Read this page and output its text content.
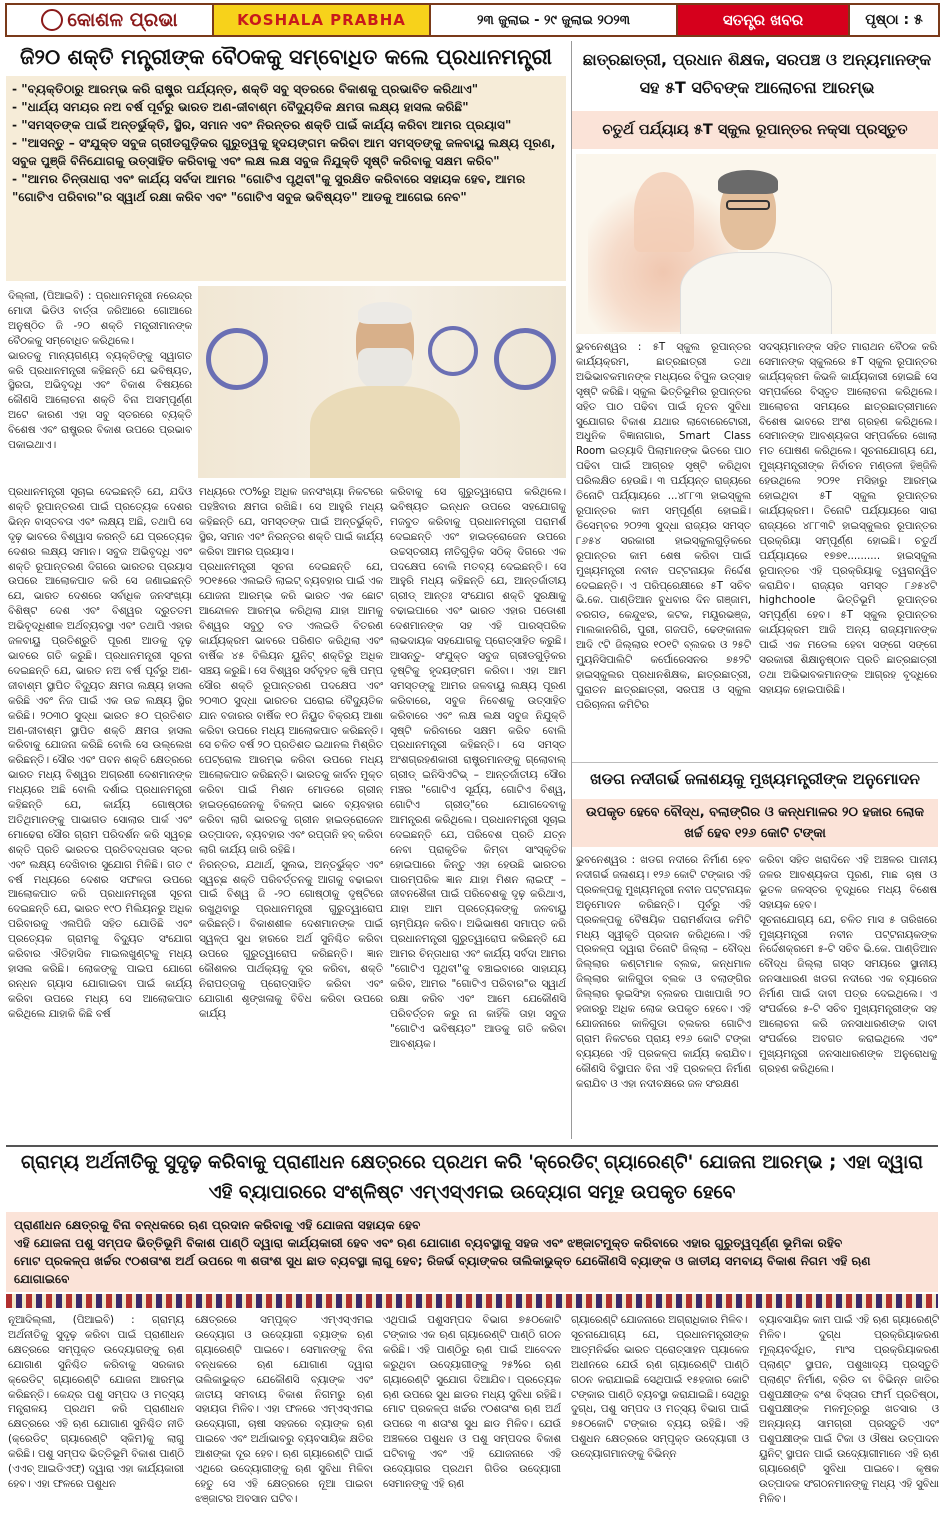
କୋଶଳ ପ୍ରଭା	KOSHALA PRABHA	୨୩ ଜୁଲାଇ - ୨୯ ଜୁଲାଇ ୨୦୨୩	ସତନ୍ତ୍ର ଖବର	ପୃଷ୍ଠା : ୫
ଜି୨୦ ଶକ୍ତି ମନ୍ତ୍ରୀଙ୍କ ବୈଠକକୁ ସମ୍ବୋଧିତ କଲେ ପ୍ରଧାନମନ୍ତ୍ରୀ

- "ବ୍ୟକ୍ତିଠାରୁ ଆରମ୍ଭ କରି ରାଷ୍ଟ୍ର ପର୍ଯ୍ୟନ୍ତ, ଶକ୍ତି ସବୁ ସ୍ତରରେ ବିକାଶକୁ ପ୍ରଭାବିତ କରିଥାଏ"

- "ଧାର୍ଯ୍ୟ ସମୟର ନଅ ବର୍ଷ ପୂର୍ବରୁ ଭାରତ ଅଣ-ଜୀବାଶ୍ମ ବୈଦ୍ୟୁତିକ କ୍ଷମତା ଲକ୍ଷ୍ୟ ହାସଲ କରିଛି"

- "ସମସ୍ତଙ୍କ ପାଇଁ ଅନ୍ତର୍ଭୁକ୍ତି, ସ୍ଥିର, ସମାନ ଏବଂ ନିରନ୍ତର ଶକ୍ତି ପାଇଁ କାର୍ଯ୍ୟ କରିବା ଆମର ପ୍ରୟାସ"

- "ଆସନ୍ତୁ – ସଂଯୁକ୍ତ ସବୁଜ ଗ୍ରୀଡଗୁଡ଼ିକର ଗୁରୁତ୍ୱକୁ ହୃଦୟଙ୍ଗମ କରିବା ଆମ ସମସ୍ତଙ୍କୁ ଜଳବାୟୁ ଲକ୍ଷ୍ୟ ପୂରଣ, ସବୁଜ ପୁଞ୍ଜି ବିନିଯୋଗକୁ ଉତ୍ସାହିତ କରିବାକୁ ଏବଂ ଲକ୍ଷ ଲକ୍ଷ ସବୁଜ ନିଯୁକ୍ତି ସୃଷ୍ଟି କରିବାକୁ ସକ୍ଷମ କରିବ"

- "ଆମର ଚିନ୍ତାଧାରା ଏବଂ କାର୍ଯ୍ୟ ସର୍ବଦା ଆମର "ଗୋଟିଏ ପୃଥିବୀ"କୁ ସୁରକ୍ଷିତ କରିବାରେ ସହାୟକ ହେବ, ଆମର "ଗୋଟିଏ ପରିବାର"ର ସ୍ୱାର୍ଥ ରକ୍ଷା କରିବ ଏବଂ "ଗୋଟିଏ ସବୁଜ ଭବିଷ୍ୟତ" ଆଡକୁ ଆଗେଇ ନେବ"

ଦିଲ୍ଲୀ, (ପିଆଇବି) : ପ୍ରଧାନମନ୍ତ୍ରୀ ନରେନ୍ଦ୍ର ମୋଦୀ ଭିଡିଓ ବାର୍ତ୍ତା ଜରିଆରେ ଗୋଆରେ ଅନୁଷ୍ଠିତ ଜି -୨୦ ଶକ୍ତି ମନ୍ତ୍ରୀମାନଙ୍କ ବୈଠକକୁ ସମ୍ବୋଧିତ କରିଥିଲେ।
ଭାରତକୁ ମାନ୍ୟଗଣ୍ୟ ବ୍ୟକ୍ତିଙ୍କୁ ସ୍ୱାଗତ କରି ପ୍ରଧାନମନ୍ତ୍ରୀ କହିଛନ୍ତି ଯେ ଭବିଷ୍ୟତ, ସ୍ଥିରତା, ଅଭିବୃଦ୍ଧି ଏବଂ ବିକାଶ ବିଷୟରେ କୌଣସି ଆଲୋଚନା ଶକ୍ତି ବିନା ଅସମ୍ପୂର୍ଣ୍ଣ ଅଟେ କାରଣ ଏହା ସବୁ ସ୍ତରରେ ବ୍ୟକ୍ତି ବିଶେଷ ଏବଂ ରାଷ୍ଟ୍ରର ବିକାଶ ଉପରେ ପ୍ରଭାବ ପକାଇଥାଏ।

ପ୍ରଧାନମନ୍ତ୍ରୀ ସୂଚାଇ ଦେଇଛନ୍ତି ଯେ, ଯଦିଓ ଶକ୍ତି ରୂପାନ୍ତରଣ ପାଇଁ ପ୍ରତ୍ୟେକ ଦେଶର ଭିନ୍ନ ବାସ୍ତବତା ଏବଂ ଲକ୍ଷ୍ୟ ଅଛି, ତଥାପି ସେ ଦୃଢ଼ ଭାବରେ ବିଶ୍ୱାସ କରନ୍ତି ଯେ ପ୍ରତ୍ୟେକ ଦେଶର ଲକ୍ଷ୍ୟ ସମାନ। ସବୁଜ ଅଭିବୃଦ୍ଧି ଏବଂ ଶକ୍ତି ରୂପାନ୍ତରଣ ଦିଗରେ ଭାରତର ପ୍ରୟାସ ଉପରେ ଆଲୋକପାତ କରି ସେ ଜଣାଇଛନ୍ତି ଯେ, ଭାରତ ଦେଶରେ ସର୍ବାଧିକ ଜନସଂଖ୍ୟା ବିଶିଷ୍ଟ ଦେଶ ଏବଂ ବିଶ୍ୱର ଦ୍ରୁତତମ ଅଭିବୃଦ୍ଧିଶୀଳ ଅର୍ଥବ୍ୟବସ୍ଥା ଏବଂ ତଥାପି ଏହାର ଜଳବାୟୁ ପ୍ରତିଶ୍ରୁତି ପୂରଣ ଆଡକୁ ଦୃଢ଼ ଭାବରେ ଗତି କରୁଛି। ପ୍ରଧାନମନ୍ତ୍ରୀ ସୂଚନା ଦେଇଛନ୍ତି ଯେ, ଭାରତ ନଅ ବର୍ଷ ପୂର୍ବରୁ ଅଣ-ଜୀବାଶ୍ମ ସ୍ଥାପିତ ବିଦ୍ୟୁତ କ୍ଷମତା ଲକ୍ଷ୍ୟ ହାସଲ କରିଛି ଏବଂ ନିଜ ପାଇଁ ଏକ ଉଚ୍ଚ ଲକ୍ଷ୍ୟ ସ୍ଥିର କରିଛି। ୨୦୩୦ ସୁଦ୍ଧା ଭାରତ ୫୦ ପ୍ରତିଶତ ଅଣ-ଜୀବାଶ୍ମ ସ୍ଥାପିତ ଶକ୍ତି କ୍ଷମତା ହାସଲ କରିବାକୁ ଯୋଜନା କରିଛି ବୋଲି ସେ ଉଲ୍ଲେଖ କରିଛନ୍ତି। ସୌର ଏବଂ ପବନ ଶକ୍ତି କ୍ଷେତ୍ରରେ ଭାରତ ମଧ୍ୟ ବିଶ୍ୱର ଅଗ୍ରଣୀ ଦେଶମାନଙ୍କ ମଧ୍ୟରେ ଅଛି ବୋଲି ଦର୍ଶାଇ ପ୍ରଧାନମନ୍ତ୍ରୀ କହିଛନ୍ତି ଯେ, କାର୍ଯ୍ୟ ଗୋଷ୍ଠୀର ଅତିଥିମାନଙ୍କୁ ପାଭାଗଡ ସୋଲାର ପାର୍କ ଏବଂ ମୋଢେରା ସୌର ଗ୍ରାମ ପରିଦର୍ଶନ କରି ସ୍ୱଚ୍ଛ ଶକ୍ତି ପ୍ରତି ଭାରତର ପ୍ରତିବଦ୍ଧତାର ସ୍ତର ଏବଂ ଲକ୍ଷ୍ୟ ଦେଖିବାର ସୁଯୋଗ ମିଳିଛି। ଗତ ୯ ବର୍ଷ ମଧ୍ୟରେ ଦେଶର ସଫଳତା ଉପରେ ଆଲୋକପାତ କରି ପ୍ରଧାନମନ୍ତ୍ରୀ ସୂଚନା ଦେଇଛନ୍ତି ଯେ, ଭାରତ ୧୯୦ ମିଲିୟନରୁ ଅଧିକ ପରିବାରକୁ ଏଲପିଜି ସହିତ ଯୋଡିଛି ଏବଂ ପ୍ରତ୍ୟେକ ଗ୍ରାମକୁ ବିଦ୍ୟୁତ ସଂଯୋଗ କରିବାର ଐତିହାସିକ ମାଇଲଖୁଣ୍ଟକୁ ମଧ୍ୟ ହାସଲ କରିଛି। ଲୋକଙ୍କୁ ପାଇପ ଯୋଗେ ରନ୍ଧନ ଗ୍ୟାସ ଯୋଗାଇବା ପାଇଁ କାର୍ଯ୍ୟ କରିବା ଉପରେ ମଧ୍ୟ ସେ ଆଲୋକପାତ କରିଥିଲେ ଯାହାକି କିଛି ବର୍ଷ

ମଧ୍ୟରେ ୯୦%ରୁ ଅଧିକ ଜନସଂଖ୍ୟା ନିକଟରେ ପହଞ୍ଚିବାର କ୍ଷମତା ରଖିଛି। ସେ ଆହୁରି ମଧ୍ୟ କହିଛନ୍ତି ଯେ, ସମସ୍ତଙ୍କ ପାଇଁ ଅନ୍ତର୍ଭୁକ୍ତି, ସ୍ଥିର, ସମାନ ଏବଂ ନିରନ୍ତର ଶକ୍ତି ପାଇଁ କାର୍ଯ୍ୟ କରିବା ଆମର ପ୍ରୟାସ।
ପ୍ରଧାନମନ୍ତ୍ରୀ ସୂଚନା ଦେଇଛନ୍ତି ଯେ, ୨୦୧୫ରେ ଏଲଇଡି ଲାଇଟ୍ ବ୍ୟବହାର ପାଇଁ ଏକ ଯୋଜନା ଆରମ୍ଭ କରି ଭାରତ ଏକ ଛୋଟ ଆନ୍ଦୋଳନ ଆରମ୍ଭ କରିଥିଲା ଯାହା ଆମକୁ ବିଶ୍ୱର ସବୁଠୁ ବଡ ଏଲଇଡି ବିତରଣ କାର୍ଯ୍ୟକ୍ରମ ଭାବରେ ପରିଣତ କରିଥିଲା ଏବଂ ବାର୍ଷିକ ୪୫ ବିଲିୟନ ୟୁନିଟ୍ ଶକ୍ତିରୁ ଅଧିକ ସଞ୍ଚୟ କରୁଛି। ସେ ବିଶ୍ୱର ସର୍ବବୃହତ କୃଷି ପମ୍ପ ସୌର ଶକ୍ତି ରୂପାନ୍ତରଣ ପଦକ୍ଷେପ ଏବଂ ୨୦୩୦ ସୁଦ୍ଧା ଭାରତର ଘରୋଇ ବୈଦ୍ୟୁତିକ ଯାନ ବଜାରର ବାର୍ଷିକ ୧୦ ନିୟୁତ ବିକ୍ରୟ ଆଶା କରିବା ଉପରେ ମଧ୍ୟ ଆଲୋକପାତ କରିଛନ୍ତି। ସେ ଚଳିତ ବର୍ଷ ୨୦ ପ୍ରତିଶତ ଇଥାନଲ ମିଶ୍ରିତ ପେଟ୍ରୋଲ ଆରମ୍ଭ କରିବା ଉପରେ ମଧ୍ୟ ଆଲୋକପାତ କରିଛନ୍ତି। ଭାରତକୁ କାର୍ବନ ମୁକ୍ତ କରିବା ପାଇଁ ମିଶନ ମୋଡରେ ଗ୍ରୀନ୍ ହାଇଡ୍ରୋଜେନକୁ ବିକଳ୍ପ ଭାବେ ବ୍ୟବହାର କରିବା ଲାଗି ଭାରତକୁ ଗ୍ରୀନ ହାଇଡ୍ରୋଜେନ ଉତ୍ପାଦନ, ବ୍ୟବହାର ଏବଂ ରପ୍ତାନି ହବ୍ କରିବା ଲାଗି କାର୍ଯ୍ୟ ଜାରି ରହିଛି।
ନିରନ୍ତର, ଯଥାର୍ଥ, ସୁଲଭ, ଅନ୍ତର୍ଭୁକ୍ତ ଏବଂ ସ୍ୱଚ୍ଛ ଶକ୍ତି ପରିବର୍ତ୍ତନକୁ ଆଗକୁ ବଢାଇବା ପାଇଁ ବିଶ୍ୱ ଜି -୨୦ ଗୋଷ୍ଠୀକୁ ଦୃଷ୍ଟିରେ ରଖୁଥିବାରୁ ପ୍ରଧାନମନ୍ତ୍ରୀ ଗୁରୁତ୍ୱାରୋପ କରିଛନ୍ତି। ବିକାଶଶୀଳ ଦେଶମାନଙ୍କ ପାଇଁ ସ୍ୱଳ୍ପ ସୁଧ ହାରରେ ଅର୍ଥ ସୁନିଶ୍ଚିତ କରିବା ଉପରେ ଗୁରୁତ୍ୱାରୋପ କରିଛନ୍ତି। ଜ୍ଞାନ କୌଶଳର ପାର୍ଥକ୍ୟକୁ ଦୂର କରିବା, ଶକ୍ତି ନିରାପତ୍ତାକୁ ପ୍ରୋତ୍ସାହିତ କରିବା ଏବଂ ଯୋଗାଣ ଶୃଙ୍ଖଳାକୁ ବିବିଧ କରିବା ଉପରେ କାର୍ଯ୍ୟ

କରିବାକୁ ସେ ଗୁରୁତ୍ୱାରୋପ କରିଥିଲେ। ଭବିଷ୍ୟତ ଇନ୍ଧନ ଉପରେ ସହଯୋଗକୁ ମଜବୁତ କରିବାକୁ ପ୍ରଧାନମନ୍ତ୍ରୀ ପରାମର୍ଶ ଦେଇଛନ୍ତି ଏବଂ ହାଇଡ୍ରୋଜେନ ଉପରେ ଉଚ୍ଚସ୍ତରୀୟ ନୀତିଗୁଡ଼ିକ ସଠିକ୍ ଦିଗରେ ଏକ ପଦକ୍ଷେପ ବୋଲି ମତବ୍ୟ ଦେଇଛନ୍ତି। ସେ ଆହୁରି ମଧ୍ୟ କହିଛନ୍ତି ଯେ, ଆନ୍ତର୍ଜାତୀୟ ଗ୍ରୀଡ୍ ଆନ୍ତଃ ସଂଯୋଗ ଶକ୍ତି ସୁରକ୍ଷାକୁ ବଢାଇପାରେ ଏବଂ ଭାରତ ଏହାର ପଡୋଶୀ ଦେଶମାନଙ୍କ ସହ ଏହି ପାରସ୍ପରିକ ଲାଭଦାୟକ ସହଯୋଗକୁ ପ୍ରୋତ୍ସାହିତ କରୁଛି। ଆସନ୍ତୁ- ସଂଯୁକ୍ତ ସବୁଜ ଗ୍ରୀଡଗୁଡ଼ିକର ଦୃଷ୍ଟିକୁ ହୃଦୟଙ୍ଗମ କରିବା। ଏହା ଆମ ସମସ୍ତଙ୍କୁ ଆମର ଜଳବାୟୁ ଲକ୍ଷ୍ୟ ପୂରଣ କରିବାରେ, ସବୁଜ ନିବେଶକୁ ଉତ୍ସାହିତ କରିବାରେ ଏବଂ ଲକ୍ଷ ଲକ୍ଷ ସବୁଜ ନିଯୁକ୍ତି ସୃଷ୍ଟି କରିବାରେ ସକ୍ଷମ କରିବ ବୋଲି ପ୍ରଧାନମନ୍ତ୍ରୀ କହିଛନ୍ତି। ସେ ସମସ୍ତ ଅଂଶଗ୍ରହଣକାରୀ ରାଷ୍ଟ୍ରମାନଙ୍କୁ ଗ୍ଲୋବାଲ୍ ଗ୍ରୀଡ୍ ଇନିସିଏଟିଭ୍ – ଆନ୍ତର୍ଜାତୀୟ ସୌର ମଞ୍ଚର "ଗୋଟିଏ ସୂର୍ଯ୍ୟ, ଗୋଟିଏ ବିଶ୍ୱ, ଗୋଟିଏ ଗ୍ରୀଡ୍"ରେ ଯୋଗଦେବାକୁ ଆମନ୍ତ୍ରଣ କରିଥିଲେ। ପ୍ରଧାନମନ୍ତ୍ରୀ ସୂଚାଇ ଦେଇଛନ୍ତି ଯେ, ପରିବେଶ ପ୍ରତି ଯତ୍ନ ନେବା ପ୍ରାକୃତିକ କିମ୍ବା ସାଂସ୍କୃତିକ ହୋଇପାରେ କିନ୍ତୁ ଏହା ହେଉଛି ଭାରତର ପାରମ୍ପରିକ ଜ୍ଞାନ ଯାହା ମିଶନ ଲାଇଫ୍ – ଜୀବନଶୈଳୀ ପାଇଁ ପରିବେଶକୁ ଦୃଢ଼ କରିଥାଏ, ଯାହା ଆମ ପ୍ରତ୍ୟେକଙ୍କୁ ଜଳବାୟୁ ଚାମ୍ପିୟନ କରିବ। ଅଭିଭାଷଣ ସମାପ୍ତ କରି ପ୍ରଧାନମନ୍ତ୍ରୀ ଗୁରୁତ୍ୱାରୋପ କରିଛନ୍ତି ଯେ ଆମର ଚିନ୍ତାଧାରା ଏବଂ କାର୍ଯ୍ୟ ସର୍ବଦା ଆମର "ଗୋଟିଏ ପୃଥିବୀ"କୁ ବଞ୍ଚାଇବାରେ ସାହାଯ୍ୟ କରିବ, ଆମର "ଗୋଟିଏ ପରିବାର"ର ସ୍ୱାର୍ଥ ରକ୍ଷା କରିବ ଏବଂ ଆମେ ଯେକୌଣସି ପରିବର୍ତ୍ତନ କରୁ ନା କାହିଁକି ତାହା ସବୁଜ "ଗୋଟିଏ ଭବିଷ୍ୟତ" ଆଡକୁ ଗତି କରିବା ଆବଶ୍ୟକ।

ଛାତ୍ରଛାତ୍ରୀ, ପ୍ରଧାନ ଶିକ୍ଷକ, ସରପଞ୍ଚ ଓ ଅନ୍ୟମାନଙ୍କ ସହ ୫T ସଚିବଙ୍କ ଆଲୋଚନା ଆରମ୍ଭ
ଚତୁର୍ଥ ପର୍ଯ୍ୟାୟ ୫T ସ୍କୁଲ ରୂପାନ୍ତର ନକ୍ସା ପ୍ରସ୍ତୁତ

ଭୁବନେଶ୍ୱର : ୫T ସ୍କୁଲ ରୂପାନ୍ତର କାର୍ଯ୍ୟକ୍ରମ, ଛାତ୍ରଛାତ୍ରୀ ତଥା ଅଭିଭାବକମାନଙ୍କ ମଧ୍ୟରେ ବିପୁଳ ଉତ୍ସାହ ସୃଷ୍ଟି କରିଛି। ସ୍କୁଲ ଭିତ୍ତିଭୂମିର ରୂପାନ୍ତର ସହିତ ପାଠ ପଢିବା ପାଇଁ ନୂତନ ସୁବିଧା ସୁଯୋଗର ବିକାଶ ଯଥାର ଲାବୋରେଟୋରୀ, ଅଧୁନିକ ବିଜ୍ଞାନାଗାର, Smart Class Room ଇତ୍ୟାଦି ପିଲାମାନଙ୍କ ଭିତରେ ପାଠ ପଢିବା ପାଇଁ ଆଗ୍ରହ ସୃଷ୍ଟି କରିଥିବା ପରିଲକ୍ଷିତ ହେଉଛି। ୩ ପର୍ଯ୍ୟନ୍ତ ରାଜ୍ୟରେ ତିନୋଟି ପର୍ଯ୍ୟାୟରେ ...୪୮୮୩ ହାଇସ୍କୁଲ ରୂପାନ୍ତର କାମ ସମ୍ପୂର୍ଣ୍ଣ ହୋଇଛି। ଡିସେମ୍ବର ୨୦୨୩ ସୁଦ୍ଧା ରାଜ୍ୟର ସମସ୍ତ ୮୬୫୪ ସରକାରୀ ହାଇସ୍କୁଲଗୁଡ଼ିକରେ ରୂପାନ୍ତର କାମ ଶେଷ କରିବା ପାଇଁ ମୁଖ୍ୟମନ୍ତ୍ରୀ ନବୀନ ପଟ୍ଟନାୟକ ନିର୍ଦ୍ଦେଶ ଦେଇଛନ୍ତି। ଏ ପରିପ୍ରେକ୍ଷୀରେ ୫T ସଚିବ ଭି.କେ. ପାଣ୍ଡିଆନ ବୁଧବାର ଦିନ ଗଞ୍ଜାମ, ବରଗଡ, କେନ୍ଦୁଝର, କଟକ, ମୟୂରଭଞ୍ଜ, ମାଲକାନଗିରି, ପୁରୀ, ଗଜପତି, ଢେଙ୍କାନାଳ ଆଦି ୯ଟି ଜିଲ୍ଲାର ୧୦୧ଟି ବ୍ଲକର ଓ ୨୫ଟି ମ୍ୟୁନିସିପାଲିଟି କର୍ପୋରେସନର ୭୫୨ଟି ହାଇସ୍କୁଲର ପ୍ରଧାନଶିକ୍ଷକ, ଛାତ୍ରଛାତ୍ରୀ, ପୁରାତନ ଛାତ୍ରଛାତ୍ରୀ, ସରପଞ୍ଚ ଓ ସ୍କୁଲ ପରିଚାଳନା କମିଟିର

ସଦସ୍ୟମାନଙ୍କ ସହିତ ମାରାଥନ ବୈଠକ କରି ସେମାନଙ୍କ ସ୍କୁଲରେ ୫T ସ୍କୁଲ ରୂପାନ୍ତର କାର୍ଯ୍ୟକ୍ରମ କିଭଳି କାର୍ଯ୍ୟକାରୀ ହୋଇଛି ସେ ସମ୍ପର୍କରେ ବିସ୍ତୃତ ଆଲୋଚନା କରିଥିଲେ। ଆଲୋଚନା ସମୟରେ ଛାତ୍ରଛାତ୍ରୀମାନେ ବିଶେଷ ଭାବରେ ଅଂଶ ଗ୍ରହଣ କରିଥିଲେ। ସେମାନଙ୍କ ଆବଶ୍ୟକତା ସମ୍ପର୍କରେ ଖୋଲା ମତ ପୋଷଣ କରିଥିଲେ। ସୂଚନାଯୋଗ୍ୟ ଯେ, ମୁଖ୍ୟମନ୍ତ୍ରୀଙ୍କ ନିର୍ବାଚନ ମଣ୍ଡଳୀ ହିଞ୍ଜିଳି ହେଉଥିଲେ ୨୦୨୧ ମସିହାରୁ ଆରମ୍ଭ ହୋଇଥିବା ୫T ସ୍କୁଲ ରୂପାନ୍ତର କାର୍ଯ୍ୟକ୍ରମ। ତିନୋଟି ପର୍ଯ୍ୟାୟରେ ସାରା ରାଜ୍ୟରେ ୪୮୮୩ଟି ହାଇସ୍କୁଲର ରୂପାନ୍ତର ପ୍ରକ୍ରିୟା ସମ୍ପୂର୍ଣ୍ଣ ହୋଇଛି। ଚତୁର୍ଥ ପର୍ଯ୍ୟାୟରେ ୧୭୭୧.......... ହାଇସ୍କୁଲ ରୂପାନ୍ତର ଏହି ପ୍ରକ୍ରିୟାକୁ ତ୍ୱରାନ୍ୱିତ କରାଯିବ। ରାଜ୍ୟର ସମସ୍ତ ୮୬୫୪ଟି highchoole ଭିତ୍ତିଭୂମି ରୂପାନ୍ତର ସମ୍ପୂର୍ଣ୍ଣ ହେବ। ୫T ସ୍କୁଲ ରୂପାନ୍ତର କାର୍ଯ୍ୟକ୍ରମ ଆଜି ଅନ୍ୟ ରାଜ୍ୟମାନଙ୍କ ପାଇଁ ଏକ ମଡେଲ ହେବା ସଙ୍ଗେ ସଙ୍ଗେ ସରକାରୀ ଶିକ୍ଷାନୁଷ୍ଠାନ ପ୍ରତି ଛାତ୍ରଛାତ୍ରୀ ତଥା ଅଭିଭାବକମାନଙ୍କ ଆଗ୍ରହ ବୃଦ୍ଧିରେ ସହାୟକ ହୋଇପାରିଛି।

ଖଡଗ ନଦୀଗର୍ଭ ଜଳାଶୟକୁ ମୁଖ୍ୟମନ୍ତ୍ରୀଙ୍କ ଅନୁମୋଦନ
ଉପକୃତ ହେବେ ବୌଦ୍ଧ, ବଲାଙ୍ଗିର ଓ କନ୍ଧମାଳର ୨୦ ହଜାର ଲୋକ ଖର୍ଚ୍ଚ ହେବ ୧୨୬ କୋଟି ଟଙ୍କା

ଭୁବନେଶ୍ୱର : ଖଡଗ ନଦୀରେ ନିର୍ମାଣ ହେବ ନଦୀଗର୍ଭ ଜଳାଶୟ। ୧୨୬ କୋଟି ଟଙ୍କାର ଏହି ପ୍ରକଳ୍ପକୁ ମୁଖ୍ୟମନ୍ତ୍ରୀ ନବୀନ ପଟ୍ଟନାୟକ ଅନୁମୋଦନ କରିଛନ୍ତି। ପୂର୍ବରୁ ଏହି ପ୍ରକଳ୍ପକୁ ବୈଷୟିକ ପରାମର୍ଶଦାତା କମିଟି ମଧ୍ୟ ସ୍ୱୀକୃତି ପ୍ରଦାନ କରିଥିଲେ। ଏହି ପ୍ରକଳ୍ପ ଦ୍ୱାରା ତିନୋଟି ଜିଲ୍ଲା – ବୌଦ୍ଧ ଜିଲ୍ଲାର କଣ୍ଟାମାଳ ବ୍ଲକ, କନ୍ଧମାଳ ଜିଲ୍ଲାର କାଳିଗୁଡା ବ୍ଲକ ଓ ବଲାଙ୍ଗିର ଜିଲ୍ଲାର ଲୁଇସିଂହା ବ୍ଲକର ପାଖାପାଖି ୨୦ ହଜାରରୁ ଅଧିକ ଲୋକ ଉପକୃତ ହେବେ। ଏହି ଯୋଜନାରେ କାଳିଗୁଡା ବ୍ଲକର ଗୋଟିଏ ଗ୍ରାମ ନିକଟରେ ପ୍ରାୟ ୧୨୬ କୋଟି ଟଙ୍କା ବ୍ୟୟରେ ଏହି ପ୍ରକଳ୍ପ କାର୍ଯ୍ୟ କରାଯିବ। କୌଣସି ବିସ୍ଥାପନ ବିନା ଏହି ପ୍ରକଳ୍ପ ନିର୍ମାଣ କରାଯିବ ଓ ଏହା ନଦୀବକ୍ଷରେ ଜଳ ସଂରକ୍ଷଣ

କରିବା ସହିତ ଖରାଦିନେ ଏହି ଅଞ୍ଚଳର ପାନୀୟ ଜଳର ଆବଶ୍ୟକତା ପୂରଣ, ମାଛ ଚାଷ ଓ ଭୂତଳ ଜଳସ୍ତର ବୃଦ୍ଧିରେ ମଧ୍ୟ ବିଶେଷ ସହାୟକ ହେବ।
ସୂଚନାଯୋଗ୍ୟ ଯେ, ଚଳିତ ମାସ ୫ ତାରିଖରେ ମୁଖ୍ୟମନ୍ତ୍ରୀ ନବୀନ ପଟ୍ଟନାୟକଙ୍କ ନିର୍ଦ୍ଦେଶକ୍ରମେ ୫-ଟି ସଚିବ ଭି.କେ. ପାଣ୍ଡିଆନ ବୌଦ୍ଧ ଜିଲ୍ଲା ଗସ୍ତ ସମୟରେ ସ୍ଥାନୀୟ ଜନସାଧାରଣ ଖଡଗ ନଦୀରେ ଏକ ବ୍ୟାରେଜ ନିର୍ମାଣ ପାଇଁ ଦାବୀ ପତ୍ର ଦେଇଥିଲେ। ଏ ସଂପର୍କରେ ୫-ଟି ସଚିବ ମୁଖ୍ୟମନ୍ତ୍ରୀଙ୍କ ସହ ଆଲୋଚନା କରି ଜନସାଧାରଣଙ୍କ ଦାବୀ ସଂପର୍କରେ ଅବଗତ କରାଇଥିଲେ ଏବଂ ମୁଖ୍ୟମନ୍ତ୍ରୀ ଜନସାଧାରଣଙ୍କ ଅନୁରୋଧକୁ ଗ୍ରହଣ କରିଥିଲେ।

ଗ୍ରାମ୍ୟ ଅର୍ଥନୀତିକୁ ସୁଦୃଢ଼ କରିବାକୁ ପ୍ରାଣୀଧନ କ୍ଷେତ୍ରରେ ପ୍ରଥମ କରି 'କ୍ରେଡିଟ୍ ଗ୍ୟାରେଣ୍ଟି' ଯୋଜନା ଆରମ୍ଭ ; ଏହା ଦ୍ୱାରା ଏହି ବ୍ୟାପାରରେ ସଂଶ୍ଳିଷ୍ଟ ଏମ୍ଏସ୍ଏମଇ ଉଦ୍ୟୋଗ ସମୂହ ଉପକୃତ ହେବେ

ପ୍ରାଣୀଧନ କ୍ଷେତ୍ରକୁ ବିନା ବନ୍ଧକରେ ଋଣ ପ୍ରଦାନ କରିବାକୁ ଏହି ଯୋଜନା ସହାୟକ ହେବ
ଏହି ଯୋଜନା ପଶୁ ସମ୍ପଦ ଭିତ୍ତିଭୂମି ବିକାଶ ପାଣ୍ଠି ଦ୍ୱାରା କାର୍ଯ୍ୟକାରୀ ହେବ ଏବଂ ଋଣ ଯୋଗାଣ ବ୍ୟବସ୍ଥାକୁ ସହଜ ଏବଂ ଝଞ୍ଜାଟମୁକ୍ତ କରିବାରେ ଏହାର ଗୁରୁତ୍ୱପୂର୍ଣ୍ଣ ଭୂମିକା ରହିବ
ମୋଟ ପ୍ରକଳ୍ପ ଖର୍ଚ୍ଚର ୯୦ଶତାଂଶ ଅର୍ଥ ଉପରେ ୩ ଶତାଂଶ ସୁଧ ଛାଡ ବ୍ୟବସ୍ଥା ଲାଗୁ ହେବ; ରିଜର୍ଭ ବ୍ୟାଙ୍କର ତାଲିକାଭୁକ୍ତ ଯେକୌଣସି ବ୍ୟାଙ୍କ ଓ ଜାତୀୟ ସମବାୟ ବିକାଶ ନିଗମ ଏହି ଋଣ ଯୋଗାଇବେ

ନୂଆଦିଲ୍ଲୀ, (ପିଆଇବି) : ଗ୍ରାମ୍ୟ ଅର୍ଥନୀତିକୁ ସୁଦୃଢ଼ କରିବା ପାଇଁ ପ୍ରାଣୀଧନ କ୍ଷେତ୍ରରେ ସମ୍ପୃକ୍ତ ଉଦ୍ୟୋଗଙ୍କୁ ଋଣ ଯୋଗାଣ ସୁନିଶ୍ଚିତ କରିବାକୁ ସରକାର କ୍ରେଡିଟ୍ ଗ୍ୟାରେଣ୍ଟି ଯୋଜନା ଆରମ୍ଭ କରିଛନ୍ତି। କେନ୍ଦ୍ର ପଶୁ ସମ୍ପଦ ଓ ମତ୍ସ୍ୟ ମନ୍ତ୍ରାଳୟ ପ୍ରଥମ କରି ପ୍ରାଣୀଧନ କ୍ଷେତ୍ରରେ ଏହି ଋଣ ଯୋଗାଣ ସୁନିଶ୍ଚିତ ନୀତି (କ୍ରେଡିଟ୍ ଗ୍ୟାରେଣ୍ଟି ସ୍କିମ)କୁ ଲାଗୁ କରିଛି। ପଶୁ ସମ୍ପଦ ଭିତ୍ତିଭୂମି ବିକାଶ ପାଣ୍ଠି (ଏଏଚ୍ ଆଇଡିଏଫ୍) ଦ୍ୱାରା ଏହା କାର୍ଯ୍ୟକାରୀ ହେବ। ଏହା ଫଳରେ ପଶୁଧନ

କ୍ଷେତ୍ରରେ ସମ୍ପୃକ୍ତ ଏମ୍ଏସ୍ଏମଇ ଉଦ୍ୟୋଗ ଓ ଉଦ୍ୟୋଗୀ ବ୍ୟାଙ୍କ ଋଣ ଗ୍ୟାରେଣ୍ଟି ପାଇବେ। ସେମାନଙ୍କୁ ବିନା ବନ୍ଧକରେ ଋଣ ଯୋଗାଣ ଦ୍ୱାରା ତାଲିକାଭୁକ୍ତ ଯେକୌଣସି ବ୍ୟାଙ୍କ ଏବଂ ଜାତୀୟ ସମବାୟ ବିକାଶ ନିଗମରୁ ଋଣ ସହାୟତା ମିଳିବ। ଏହା ଫଳରେ ଏମ୍ଏସ୍ଏମଇ ଉଦ୍ୟୋଗୀ, ଚାଷୀ ସହଜରେ ବ୍ୟାଙ୍କ ଋଣ ପାଇବେ ଏବଂ ଅର୍ଥାଭାବରୁ ବ୍ୟବସାୟିକ କ୍ଷତିର ଆଶଙ୍କା ଦୂର ହେବ। ଋଣ ଗ୍ୟାରେଣ୍ଟି ପାଇଁ ଏଥିରେ ଉଦ୍ୟୋଗୀଙ୍କୁ ଋଣ ସୁବିଧା ମିଳିବା ହେତୁ ସେ ଏହି କ୍ଷେତ୍ରରେ ନୂଆ ପାଇବା ଝଞ୍ଜାଟର ଅବସାନ ଘଟିବ।

ଏଥିପାଇଁ ପଶୁସମ୍ପଦ ବିଭାଗ ୭୫୦କୋଟି ଟଙ୍କାର ଏକ ଋଣ ଗ୍ୟାରେଣ୍ଟି ପାଣ୍ଠି ଗଠନ କରିଛି। ଏହି ପାଣ୍ଠିରୁ ଋଣ ପାଇଁ ଆବେଦନ କରୁଥିବା ଉଦ୍ୟୋଗୀଙ୍କୁ ୨୫%ର ଋଣ ଗ୍ୟାରେଣ୍ଟି ସୁଯୋଗ ଦିଆଯିବ। ପ୍ରତ୍ୟେକ ଋଣ ଉପରେ ସୁଧ ଛାଡର ମଧ୍ୟ ସୁବିଧା ରହିଛି। ମୋଟ ପ୍ରକଳ୍ପ ଖର୍ଚ୍ଚର ୯୦ଶତାଂଶ ଋଣ ଅର୍ଥ ଉପରେ ୩ ଶତାଂଶ ସୁଧ ଛାଡ ମିଳିବ। ଯେଉଁ ଅଞ୍ଚଳରେ ପଶୁଧନ ଓ ପଶୁ ସମ୍ପଦର ବିକାଶ ଘଟିବାକୁ ଏବଂ ଏହି ଯୋଜନାରେ ଏହି ଉଦ୍ୟୋଗର ପ୍ରଥମ ଗିଡିର ଉଦ୍ୟୋଗୀ ସେମାନଙ୍କୁ ଏହି ଋଣ

ଗ୍ୟାରେଣ୍ଟି ଯୋଜନାରେ ଅଗ୍ରାଧିକାର ମିଳିବ।
ସୂଚନାଯୋଗ୍ୟ ଯେ, ପ୍ରଧାନମନ୍ତ୍ରୀଙ୍କ ଆତ୍ମନିର୍ଭର ଭାରତ ପ୍ରୋତ୍ସାହନ ପ୍ୟାକେଜ ଅଧୀନରେ ଯେଉଁ ଋଣ ଗ୍ୟାରେଣ୍ଟି ପାଣ୍ଠି ଗଠନ କରାଯାଇଛି ସେଥିପାଇଁ ୧୫ହଜାର କୋଟି ଟଙ୍କାର ପାଣ୍ଠି ବ୍ୟବସ୍ଥା କରାଯାଇଛି। ସେଥିରୁ ଦୁଗ୍ଧ, ପଶୁ ସମ୍ପଦ ଓ ମତ୍ସ୍ୟ ବିଭାଗ ପାଇଁ ୭୫୦କୋଟି ଟଙ୍କାର ବ୍ୟୟ ରହିଛି। ଏହି ପଶୁଧନ କ୍ଷେତ୍ରରେ ସମ୍ପୃକ୍ତ ଉଦ୍ୟୋଗୀ ଓ ଉଦ୍ୟୋଗମାନଙ୍କୁ ବିଭିନ୍ନ

ବ୍ୟାବସାୟିକ କାମ ପାଇଁ ଏହି ଋଣ ଗ୍ୟାରେଣ୍ଟି ମିଳିବ। ଦୁଗ୍ଧ ପ୍ରକ୍ରିୟାକରଣ ମୂଲ୍ୟବର୍ଦ୍ଧିତ, ମାଂସ ପ୍ରକ୍ରିୟାକରଣ ପ୍ଲାଣ୍ଟ ସ୍ଥାପନ, ପଶୁଖାଦ୍ୟ ପ୍ରସ୍ତୁତି ପ୍ଲାଣ୍ଟ ନିର୍ମାଣ, ବ୍ରିଡ ବା ବିଭିନ୍ନ ଜାତିର ପଶୁପକ୍ଷୀଙ୍କ ବଂଶ ବିସ୍ତାର ଫାର୍ମ ପ୍ରତିଷ୍ଠା, ପଶୁପକ୍ଷୀଙ୍କ ମଳମୂତ୍ରରୁ ଖତସାର ଓ ଅନ୍ୟାନ୍ୟ ସାମଗ୍ରୀ ପ୍ରସ୍ତୁତି ଏବଂ ପଶୁପକ୍ଷୀଙ୍କ ପାଇଁ ଟିକା ଓ ଔଷଧ ଉତ୍ପାଦନ ୟୁନିଟ୍ ସ୍ଥାପନ ପାଇଁ ଉଦ୍ୟୋଗୀମାନେ ଏହି ଋଣ ଗ୍ୟାରେଣ୍ଟି ସୁବିଧା ପାଇବେ। କୃଷକ ଉତ୍ପାଦକ ସଂଗଠନମାନଙ୍କୁ ମଧ୍ୟ ଏହି ସୁବିଧା ମିଳିବ।
